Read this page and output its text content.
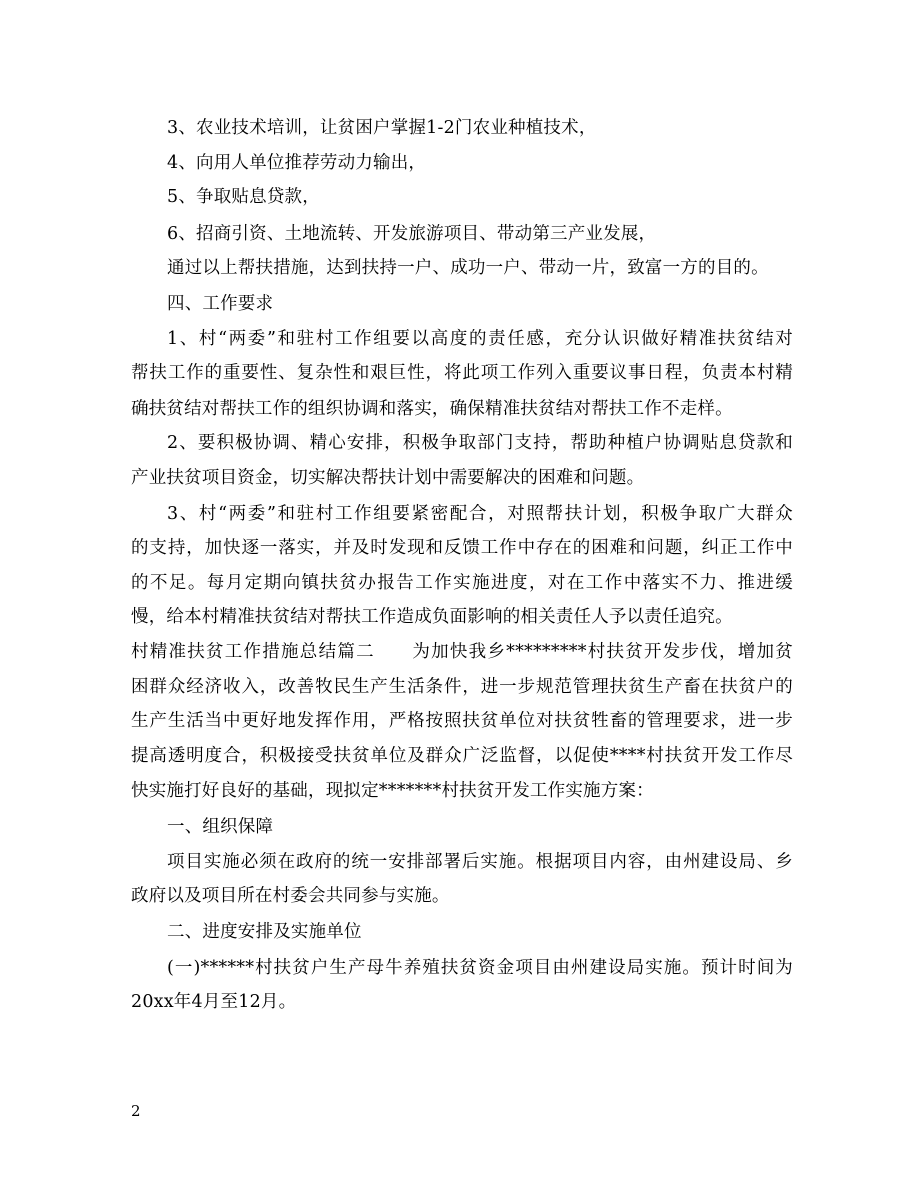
3、农业技术培训，让贫困户掌握1-2门农业种植技术，
4、向用人单位推荐劳动力输出，
5、争取贴息贷款，
6、招商引资、土地流转、开发旅游项目、带动第三产业发展，
通过以上帮扶措施，达到扶持一户、成功一户、带动一片，致富一方的目的。
四、工作要求
1、村“两委”和驻村工作组要以高度的责任感，充分认识做好精准扶贫结对
帮扶工作的重要性、复杂性和艰巨性，将此项工作列入重要议事日程，负责本村精
确扶贫结对帮扶工作的组织协调和落实，确保精准扶贫结对帮扶工作不走样。
2、要积极协调、精心安排，积极争取部门支持，帮助种植户协调贴息贷款和
产业扶贫项目资金，切实解决帮扶计划中需要解决的困难和问题。
3、村“两委”和驻村工作组要紧密配合，对照帮扶计划，积极争取广大群众
的支持，加快逐一落实，并及时发现和反馈工作中存在的困难和问题，纠正工作中
的不足。每月定期向镇扶贫办报告工作实施进度，对在工作中落实不力、推进缓
慢，给本村精准扶贫结对帮扶工作造成负面影响的相关责任人予以责任追究。
村精准扶贫工作措施总结篇二　　为加快我乡*********村扶贫开发步伐，增加贫
困群众经济收入，改善牧民生产生活条件，进一步规范管理扶贫生产畜在扶贫户的
生产生活当中更好地发挥作用，严格按照扶贫单位对扶贫牲畜的管理要求，进一步
提高透明度合，积极接受扶贫单位及群众广泛监督，以促使****村扶贫开发工作尽
快实施打好良好的基础，现拟定*******村扶贫开发工作实施方案：
一、组织保障
项目实施必须在政府的统一安排部署后实施。根据项目内容，由州建设局、乡
政府以及项目所在村委会共同参与实施。
二、进度安排及实施单位
(一)******村扶贫户生产母牛养殖扶贫资金项目由州建设局实施。预计时间为
20xx年4月至12月。
2
